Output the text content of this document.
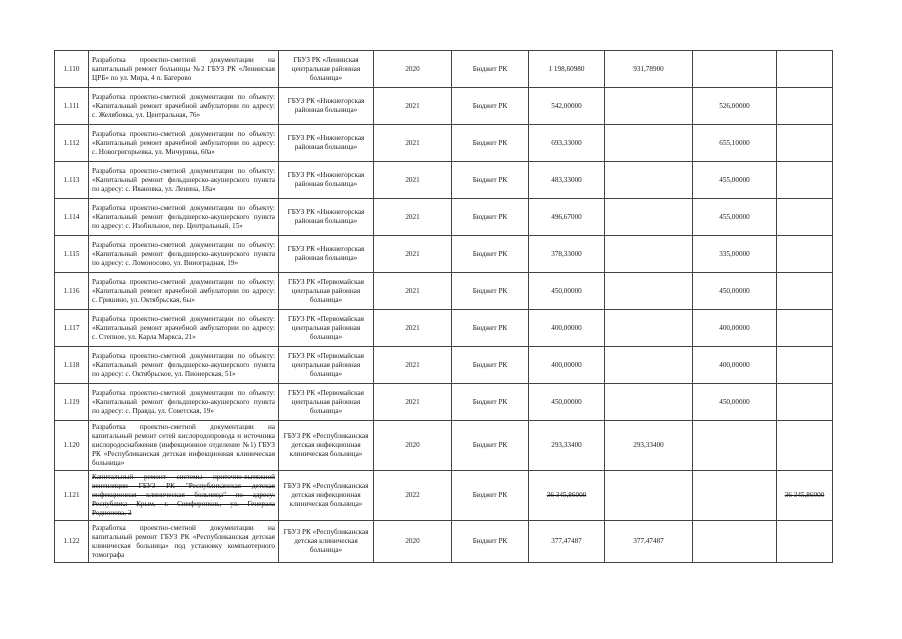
1.110	Разработка проектно-сметной документации на капитальный ремонт больницы №2 ГБУЗ РК «Ленинская ЦРБ» по ул. Мира, 4 п. Багерово	ГБУЗ РК «Ленинская центральная районная больница»	2020	Бюджет РК	1 198,60980	931,78900		
1.111	Разработка проектно-сметной документации по объекту: «Капитальный ремонт врачебной амбулатории по адресу: с. Желябовка, ул. Центральная, 76»	ГБУЗ РК «Нижнегорская районная больница»	2021	Бюджет РК	542,00000		526,00000	
1.112	Разработка проектно-сметной документации по объекту: «Капитальный ремонт врачебной амбулатории по адресу: с. Новогригорьевка, ул. Мичурина, 60а»	ГБУЗ РК «Нижнегорская районная больница»	2021	Бюджет РК	693,33000		655,10000	
1.113	Разработка проектно-сметной документации по объекту: «Капитальный ремонт фельдшерско-акушерского пункта по адресу: с. Ивановка, ул. Ленина, 18а»	ГБУЗ РК «Нижнегорская районная больница»	2021	Бюджет РК	483,33000		455,00000	
1.114	Разработка проектно-сметной документации по объекту: «Капитальный ремонт фельдшерско-акушерского пункта по адресу: с. Изобильное, пер. Центральный, 15»	ГБУЗ РК «Нижнегорская районная больница»	2021	Бюджет РК	496,67000		455,00000	
1.115	Разработка проектно-сметной документации по объекту: «Капитальный ремонт фельдшерско-акушерского пункта по адресу: с. Ломоносово, ул. Виноградная, 19»	ГБУЗ РК «Нижнегорская районная больница»	2021	Бюджет РК	378,33000		335,00000	
1.116	Разработка проектно-сметной документации по объекту: «Капитальный ремонт врачебной амбулатории по адресу: с. Гришино, ул. Октябрьская, 6ы»	ГБУЗ РК «Первомайская центральная районная больница»	2021	Бюджет РК	450,00000		450,00000	
1.117	Разработка проектно-сметной документации по объекту: «Капитальный ремонт врачебной амбулатории по адресу: с. Степное, ул. Карла Маркса, 21»	ГБУЗ РК «Первомайская центральная районная больница»	2021	Бюджет РК	400,00000		400,00000	
1.118	Разработка проектно-сметной документации по объекту: «Капитальный ремонт фельдшерско-акушерского пункта по адресу: с. Октябрьское, ул. Пионерская, 51»	ГБУЗ РК «Первомайская центральная районная больница»	2021	Бюджет РК	400,00000		400,00000	
1.119	Разработка проектно-сметной документации по объекту: «Капитальный ремонт фельдшерско-акушерского пункта по адресу: с. Правда, ул. Советская, 19»	ГБУЗ РК «Первомайская центральная районная больница»	2021	Бюджет РК	450,00000		450,00000	
1.120	Разработка проектно-сметной документации на капитальный ремонт сетей кислородопровода и источника кислородоснабжения (инфекционное отделение №1) ГБУЗ РК «Республиканская детская инфекционная клиническая больница»	ГБУЗ РК «Республиканская детская инфекционная клиническая больница»	2020	Бюджет РК	293,33400	293,33400		
1.121	Капитальный ремонт системы приточно-вытяжной вентиляции ГБУЗ РК "Республиканская детская инфекционная клиническая больница" по адресу: Республика Крым, г. Симферополь, ул. Генерала Родионова, 3	ГБУЗ РК «Республиканская детская инфекционная клиническая больница»	2022	Бюджет РК	36 345,86000			36 345,86000
1.122	Разработка проектно-сметной документации на капитальный ремонт ГБУЗ РК «Республиканская детская клиническая больница» под установку компьютерного томографа	ГБУЗ РК «Республиканская детская клиническая больница»	2020	Бюджет РК	377,47487	377,47487		
